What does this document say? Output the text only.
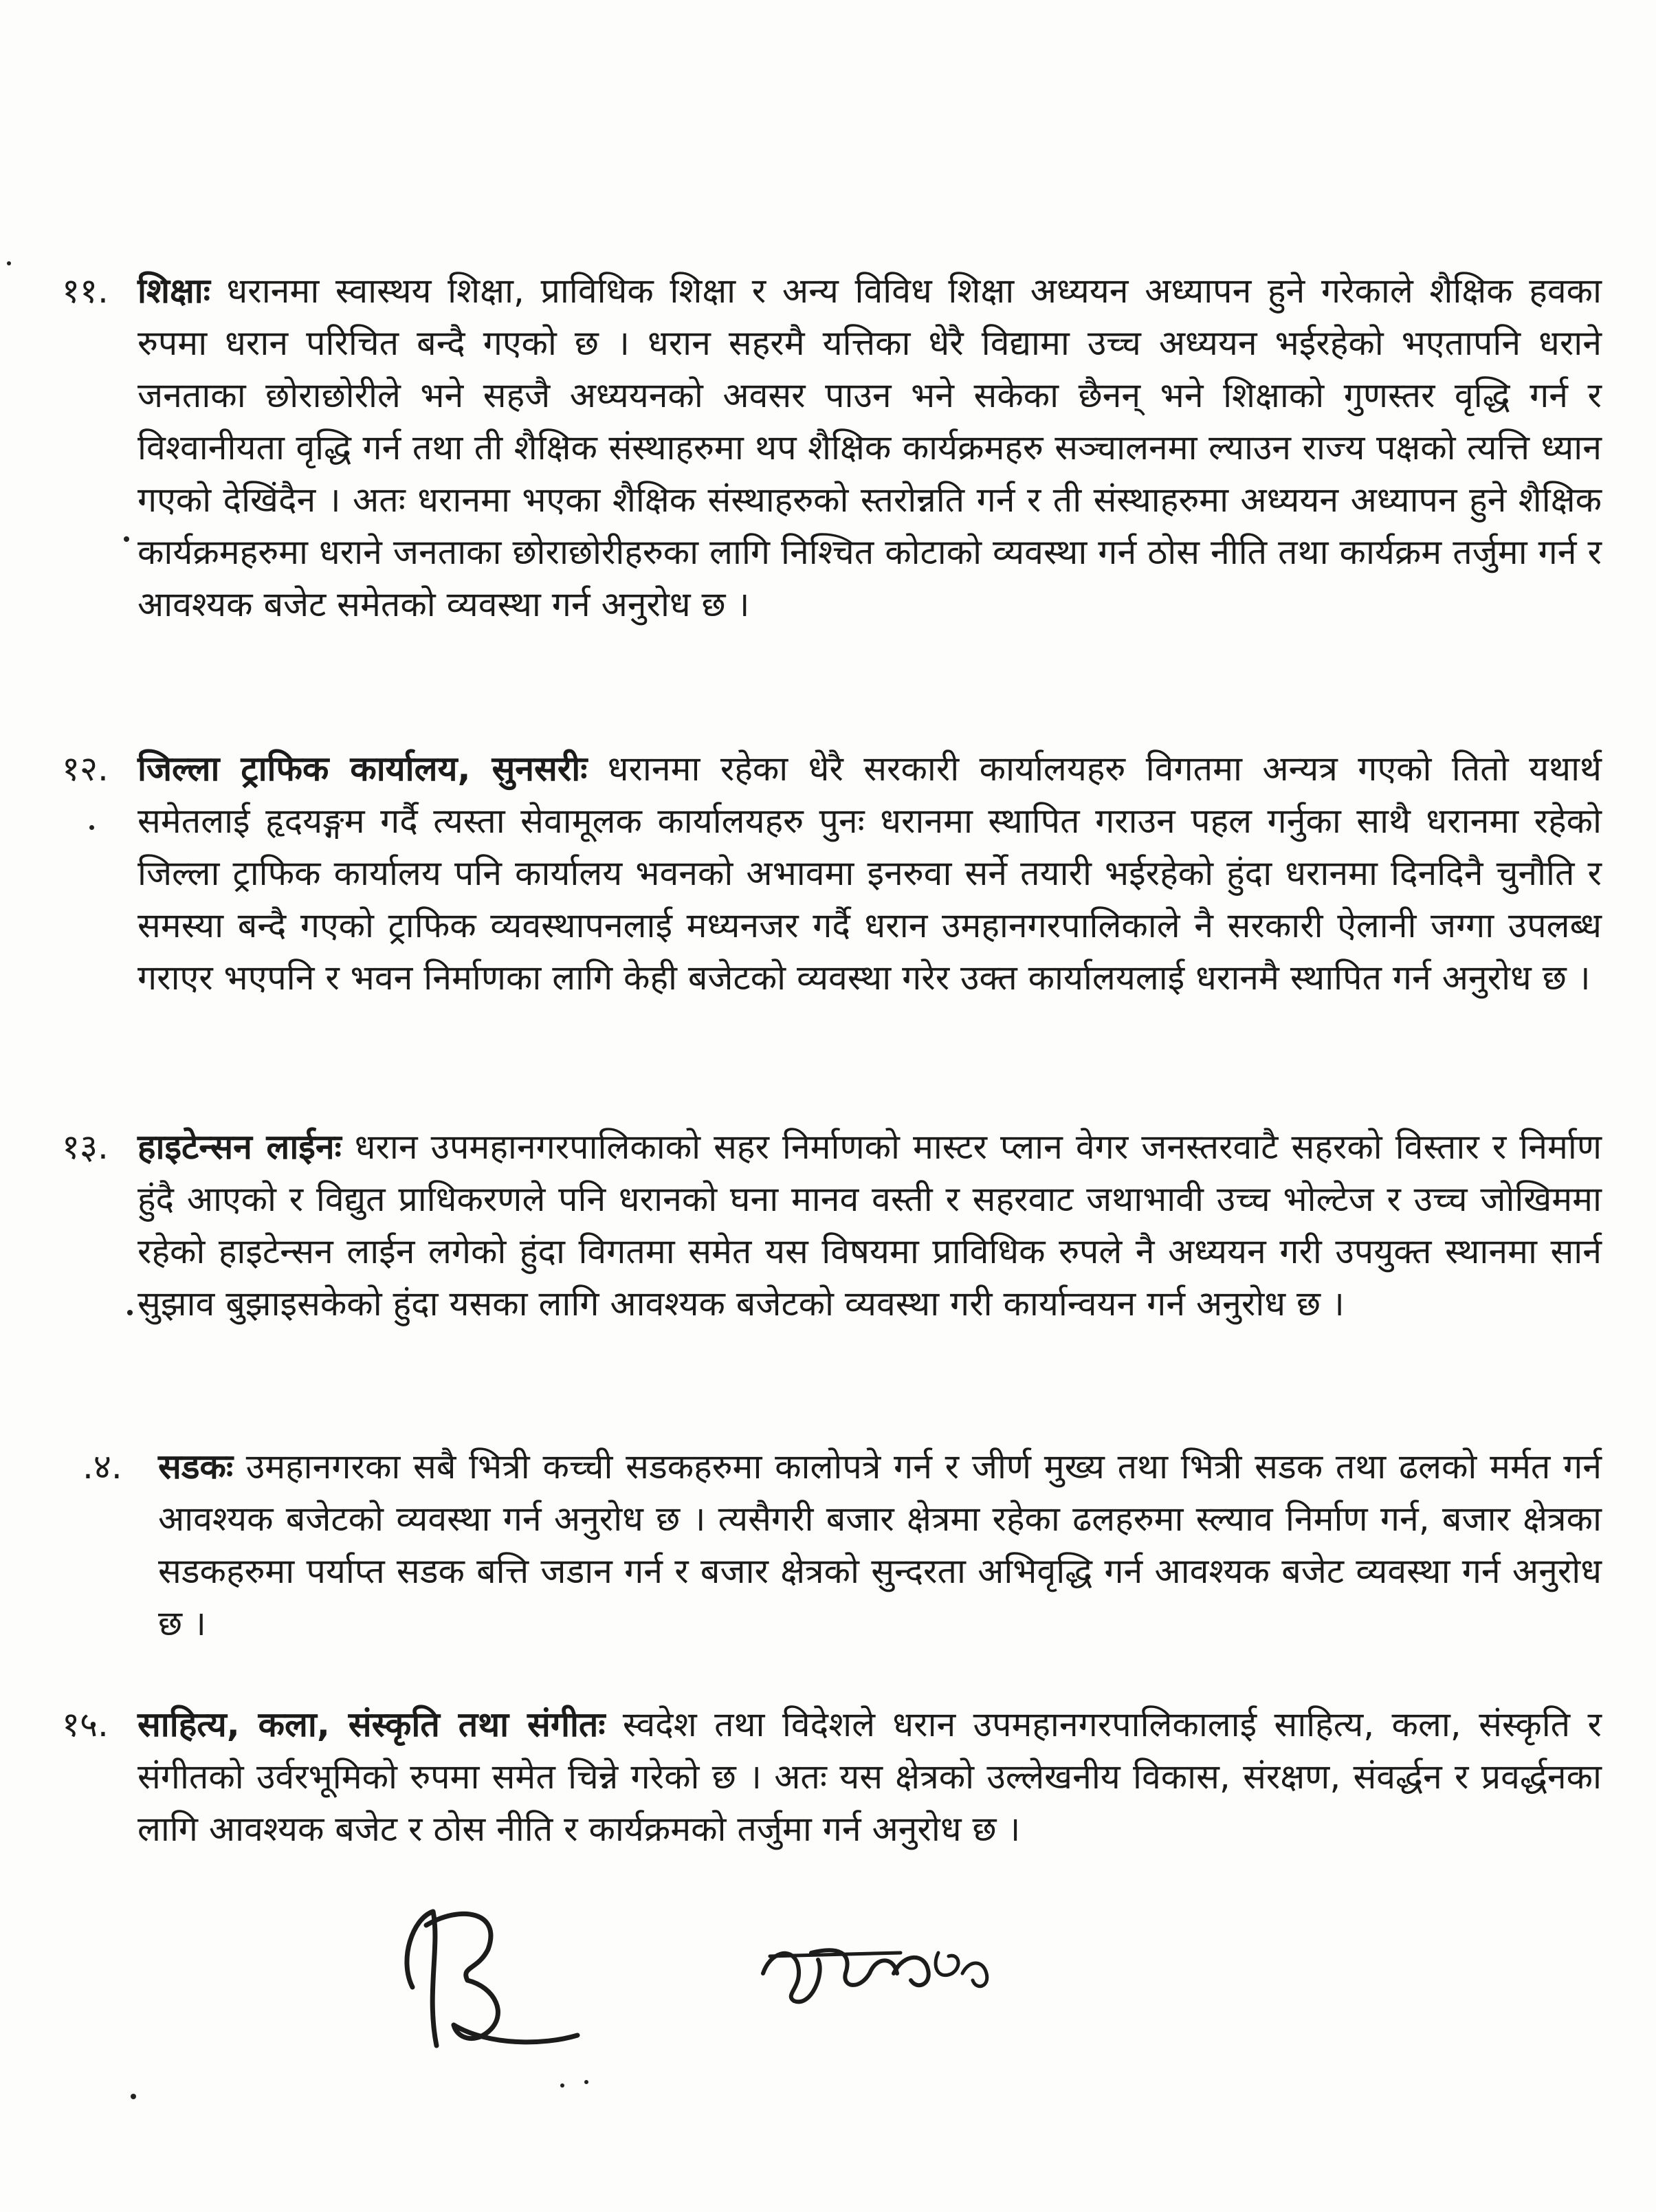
११. शिक्षाः धरानमा स्वास्थय शिक्षा, प्राविधिक शिक्षा र अन्य विविध शिक्षा अध्ययन अध्यापन हुने गरेकाले शैक्षिक हवका रुपमा धरान परिचित बन्दै गएको छ । धरान सहरमै यत्तिका धेरै विद्यामा उच्च अध्ययन भईरहेको भएतापनि धराने जनताका छोराछोरीले भने सहजै अध्ययनको अवसर पाउन भने सकेका छैनन् भने शिक्षाको गुणस्तर वृद्धि गर्न र विश्वानीयता वृद्धि गर्न तथा ती शैक्षिक संस्थाहरुमा थप शैक्षिक कार्यक्रमहरु सञ्चालनमा ल्याउन राज्य पक्षको त्यत्ति ध्यान गएको देखिंदैन । अतः धरानमा भएका शैक्षिक संस्थाहरुको स्तरोन्नति गर्न र ती संस्थाहरुमा अध्ययन अध्यापन हुने शैक्षिक कार्यक्रमहरुमा धराने जनताका छोराछोरीहरुका लागि निश्चित कोटाको व्यवस्था गर्न ठोस नीति तथा कार्यक्रम तर्जुमा गर्न र आवश्यक बजेट समेतको व्यवस्था गर्न अनुरोध छ ।
१२. जिल्ला ट्राफिक कार्यालय, सुनसरीः धरानमा रहेका धेरै सरकारी कार्यालयहरु विगतमा अन्यत्र गएको तितो यथार्थ समेतलाई हृदयङ्गम गर्दै त्यस्ता सेवामूलक कार्यालयहरु पुनः धरानमा स्थापित गराउन पहल गर्नुका साथै धरानमा रहेको जिल्ला ट्राफिक कार्यालय पनि कार्यालय भवनको अभावमा इनरुवा सर्ने तयारी भईरहेको हुंदा धरानमा दिनदिनै चुनौति र समस्या बन्दै गएको ट्राफिक व्यवस्थापनलाई मध्यनजर गर्दै धरान उमहानगरपालिकाले नै सरकारी ऐलानी जग्गा उपलब्ध गराएर भएपनि र भवन निर्माणका लागि केही बजेटको व्यवस्था गरेर उक्त कार्यालयलाई धरानमै स्थापित गर्न अनुरोध छ ।
१३. हाइटेन्सन लाईनः धरान उपमहानगरपालिकाको सहर निर्माणको मास्टर प्लान वेगर जनस्तरवाटै सहरको विस्तार र निर्माण हुंदै आएको र विद्युत प्राधिकरणले पनि धरानको घना मानव वस्ती र सहरवाट जथाभावी उच्च भोल्टेज र उच्च जोखिममा रहेको हाइटेन्सन लाईन लगेको हुंदा विगतमा समेत यस विषयमा प्राविधिक रुपले नै अध्ययन गरी उपयुक्त स्थानमा सार्न सुझाव बुझाइसकेको हुंदा यसका लागि आवश्यक बजेटको व्यवस्था गरी कार्यान्वयन गर्न अनुरोध छ ।
.४.	सडकः उमहानगरका सबै भित्री कच्ची सडकहरुमा कालोपत्रे गर्न र जीर्ण मुख्य तथा भित्री सडक तथा ढलको मर्मत गर्न आवश्यक बजेटको व्यवस्था गर्न अनुरोध छ । त्यसैगरी बजार क्षेत्रमा रहेका ढलहरुमा स्ल्याव निर्माण गर्न, बजार क्षेत्रका सडकहरुमा पर्याप्त सडक बत्ति जडान गर्न र बजार क्षेत्रको सुन्दरता अभिवृद्धि गर्न आवश्यक बजेट व्यवस्था गर्न अनुरोध छ ।
१५. साहित्य, कला, संस्कृति तथा संगीतः स्वदेश तथा विदेशले धरान उपमहानगरपालिकालाई साहित्य, कला, संस्कृति र संगीतको उर्वरभूमिको रुपमा समेत चिन्ने गरेको छ । अतः यस क्षेत्रको उल्लेखनीय विकास, संरक्षण, संवर्द्धन र प्रवर्द्धनका लागि आवश्यक बजेट र ठोस नीति र कार्यक्रमको तर्जुमा गर्न अनुरोध छ ।
